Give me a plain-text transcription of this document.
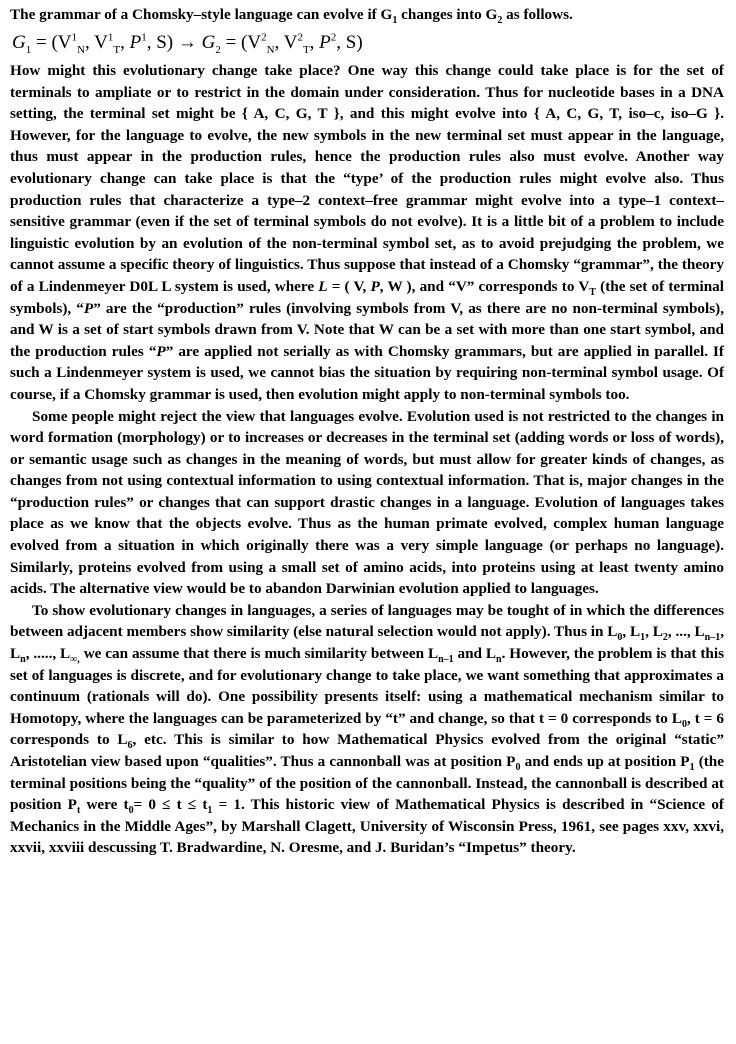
The grammar of a Chomsky–style language can evolve if $G_1$ changes into $G_2$ as follows.

$G_1 = (V^1_N$, $V^1_T$, $P^1$, $S) \to G_2 = (V^2_N$, $V^2_T$, $P^2$, S)

How might this evolutionary change take place? One way this change could take place is for the set of terminals to ampliate or to restrict in the domain under consideration. Thus for nucleotide bases in a DNA setting, the terminal set might be { A, C, G, T }, and this might evolve into { A, C, G, T, iso–c, iso–G }. However, for the language to evolve, the new symbols in the new terminal set must appear in the language, thus must appear in the production rules, hence the production rules also must evolve. Another way evolutionary change can take place is that the “type’ of the production rules might evolve also. Thus production rules that characterize a type–2 context–free grammar might evolve into a type–1 context–sensitive grammar (even if the set of terminal symbols do not evolve). It is a little bit of a problem to include linguistic evolution by an evolution of the non-terminal symbol set, as to avoid prejudging the problem, we cannot assume a specific theory of linguistics. Thus suppose that instead of a Chomsky “grammar”, the theory of a Lindenmeyer D0L L system is used, where L = ( V, P, W ), and “V” corresponds to $V_T$ (the set of terminal symbols), “P” are the “production” rules (involving symbols from V, as there are no non-terminal symbols), and W is a set of start symbols drawn from V. Note that W can be a set with more than one start symbol, and the production rules “P” are applied not serially as with Chomsky grammars, but are applied in parallel. If such a Lindenmeyer system is used, we cannot bias the situation by requiring non-terminal symbol usage. Of course, if a Chomsky grammar is used, then evolution might apply to non-terminal symbols too.

Some people might reject the view that languages evolve. Evolution used is not restricted to the changes in word formation (morphology) or to increases or decreases in the terminal set (adding words or loss of words), or semantic usage such as changes in the meaning of words, but must allow for greater kinds of changes, as changes from not using contextual information to using contextual information. That is, major changes in the “production rules” or changes that can support drastic changes in a language. Evolution of languages takes place as we know that the objects evolve. Thus as the human primate evolved, complex human language evolved from a situation in which originally there was a very simple language (or perhaps no language). Similarly, proteins evolved from using a small set of amino acids, into proteins using at least twenty amino acids. The alternative view would be to abandon Darwinian evolution applied to languages.

To show evolutionary changes in languages, a series of languages may be tought of in which the differences between adjacent members show similarity (else natural selection would not apply). Thus in $L_0$, $L_1$, $L_2$, ..., $L_{n-1}$, $L_n$, ....., $L_{\infty,}$ we can assume that there is much similarity between $L_{n-1}$ and $L_n$. However, the problem is that this set of languages is discrete, and for evolutionary change to take place, we want something that approximates a continuum (rationals will do). One possibility presents itself: using a mathematical mechanism similar to Homotopy, where the languages can be parameterized by “t” and change, so that t = 0 corresponds to $L_0$, t = 6 corresponds to $L_6$, etc. This is similar to how Mathematical Physics evolved from the original “static” Aristotelian view based upon “qualities”. Thus a cannonball was at position $P_0$ and ends up at position $P_1$ (the terminal positions being the “quality” of the position of the cannonball. Instead, the cannonball is described at position $P_t$ were $t_0= 0 \le t \le t_1 = 1$. This historic view of Mathematical Physics is described in “Science of Mechanics in the Middle Ages”, by Marshall Clagett, University of Wisconsin Press, 1961, see pages xxv, xxvi, xxvii, xxviii descussing T. Bradwardine, N. Oresme, and J. Buridan’s “Impetus” theory.
